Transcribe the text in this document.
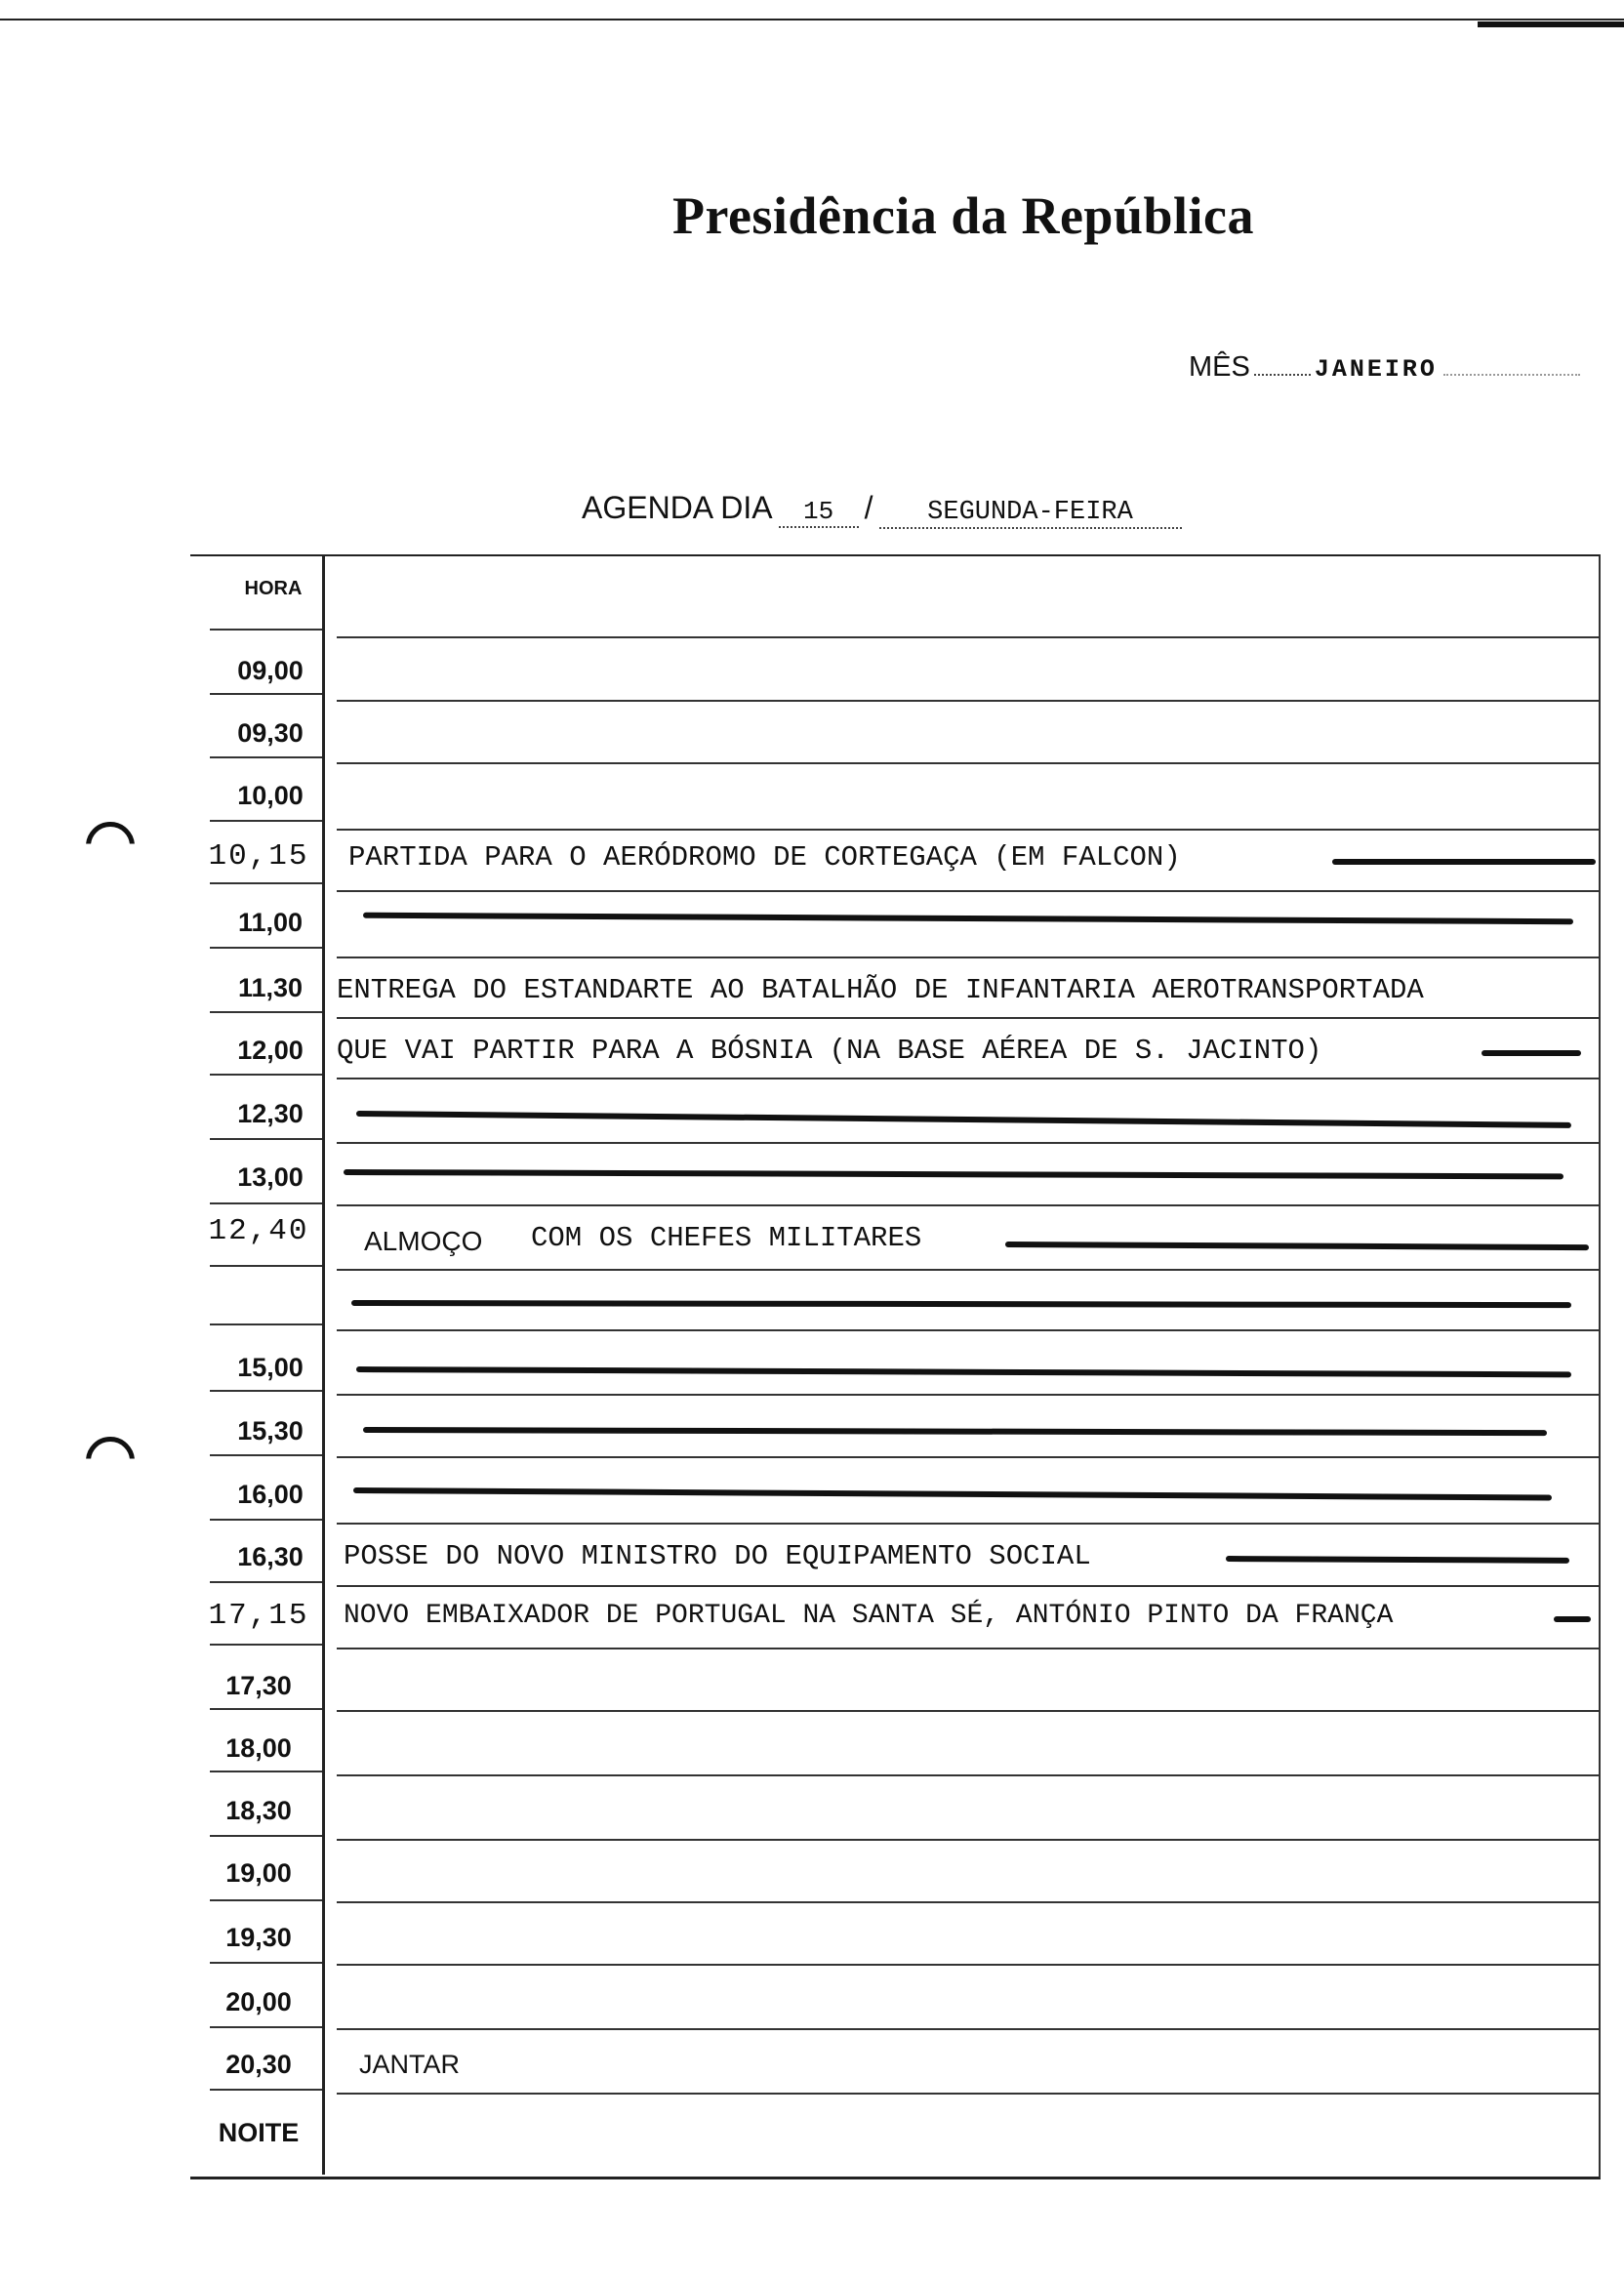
Presidência da República
MÊS	JANEIRO
AGENDA DIA 15 / SEGUNDA-FEIRA
HORA
09,00
09,30
10,00
10,15	PARTIDA PARA O AERÓDROMO DE CORTEGAÇA (EM FALCON)
11,00
11,30	ENTREGA DO ESTANDARTE AO BATALHÃO DE INFANTARIA AEROTRANSPORTADA
12,00	QUE VAI PARTIR PARA A BÓSNIA (NA BASE AÉREA DE S. JACINTO)
12,30
13,00
12,40	ALMOÇO COM OS CHEFES MILITARES
15,00
15,30
16,00
16,30	POSSE DO NOVO MINISTRO DO EQUIPAMENTO SOCIAL
17,15	NOVO EMBAIXADOR DE PORTUGAL NA SANTA SÉ, ANTÓNIO PINTO DA FRANÇA
17,30
18,00
18,30
19,00
19,30
20,00
20,30	JANTAR
NOITE
